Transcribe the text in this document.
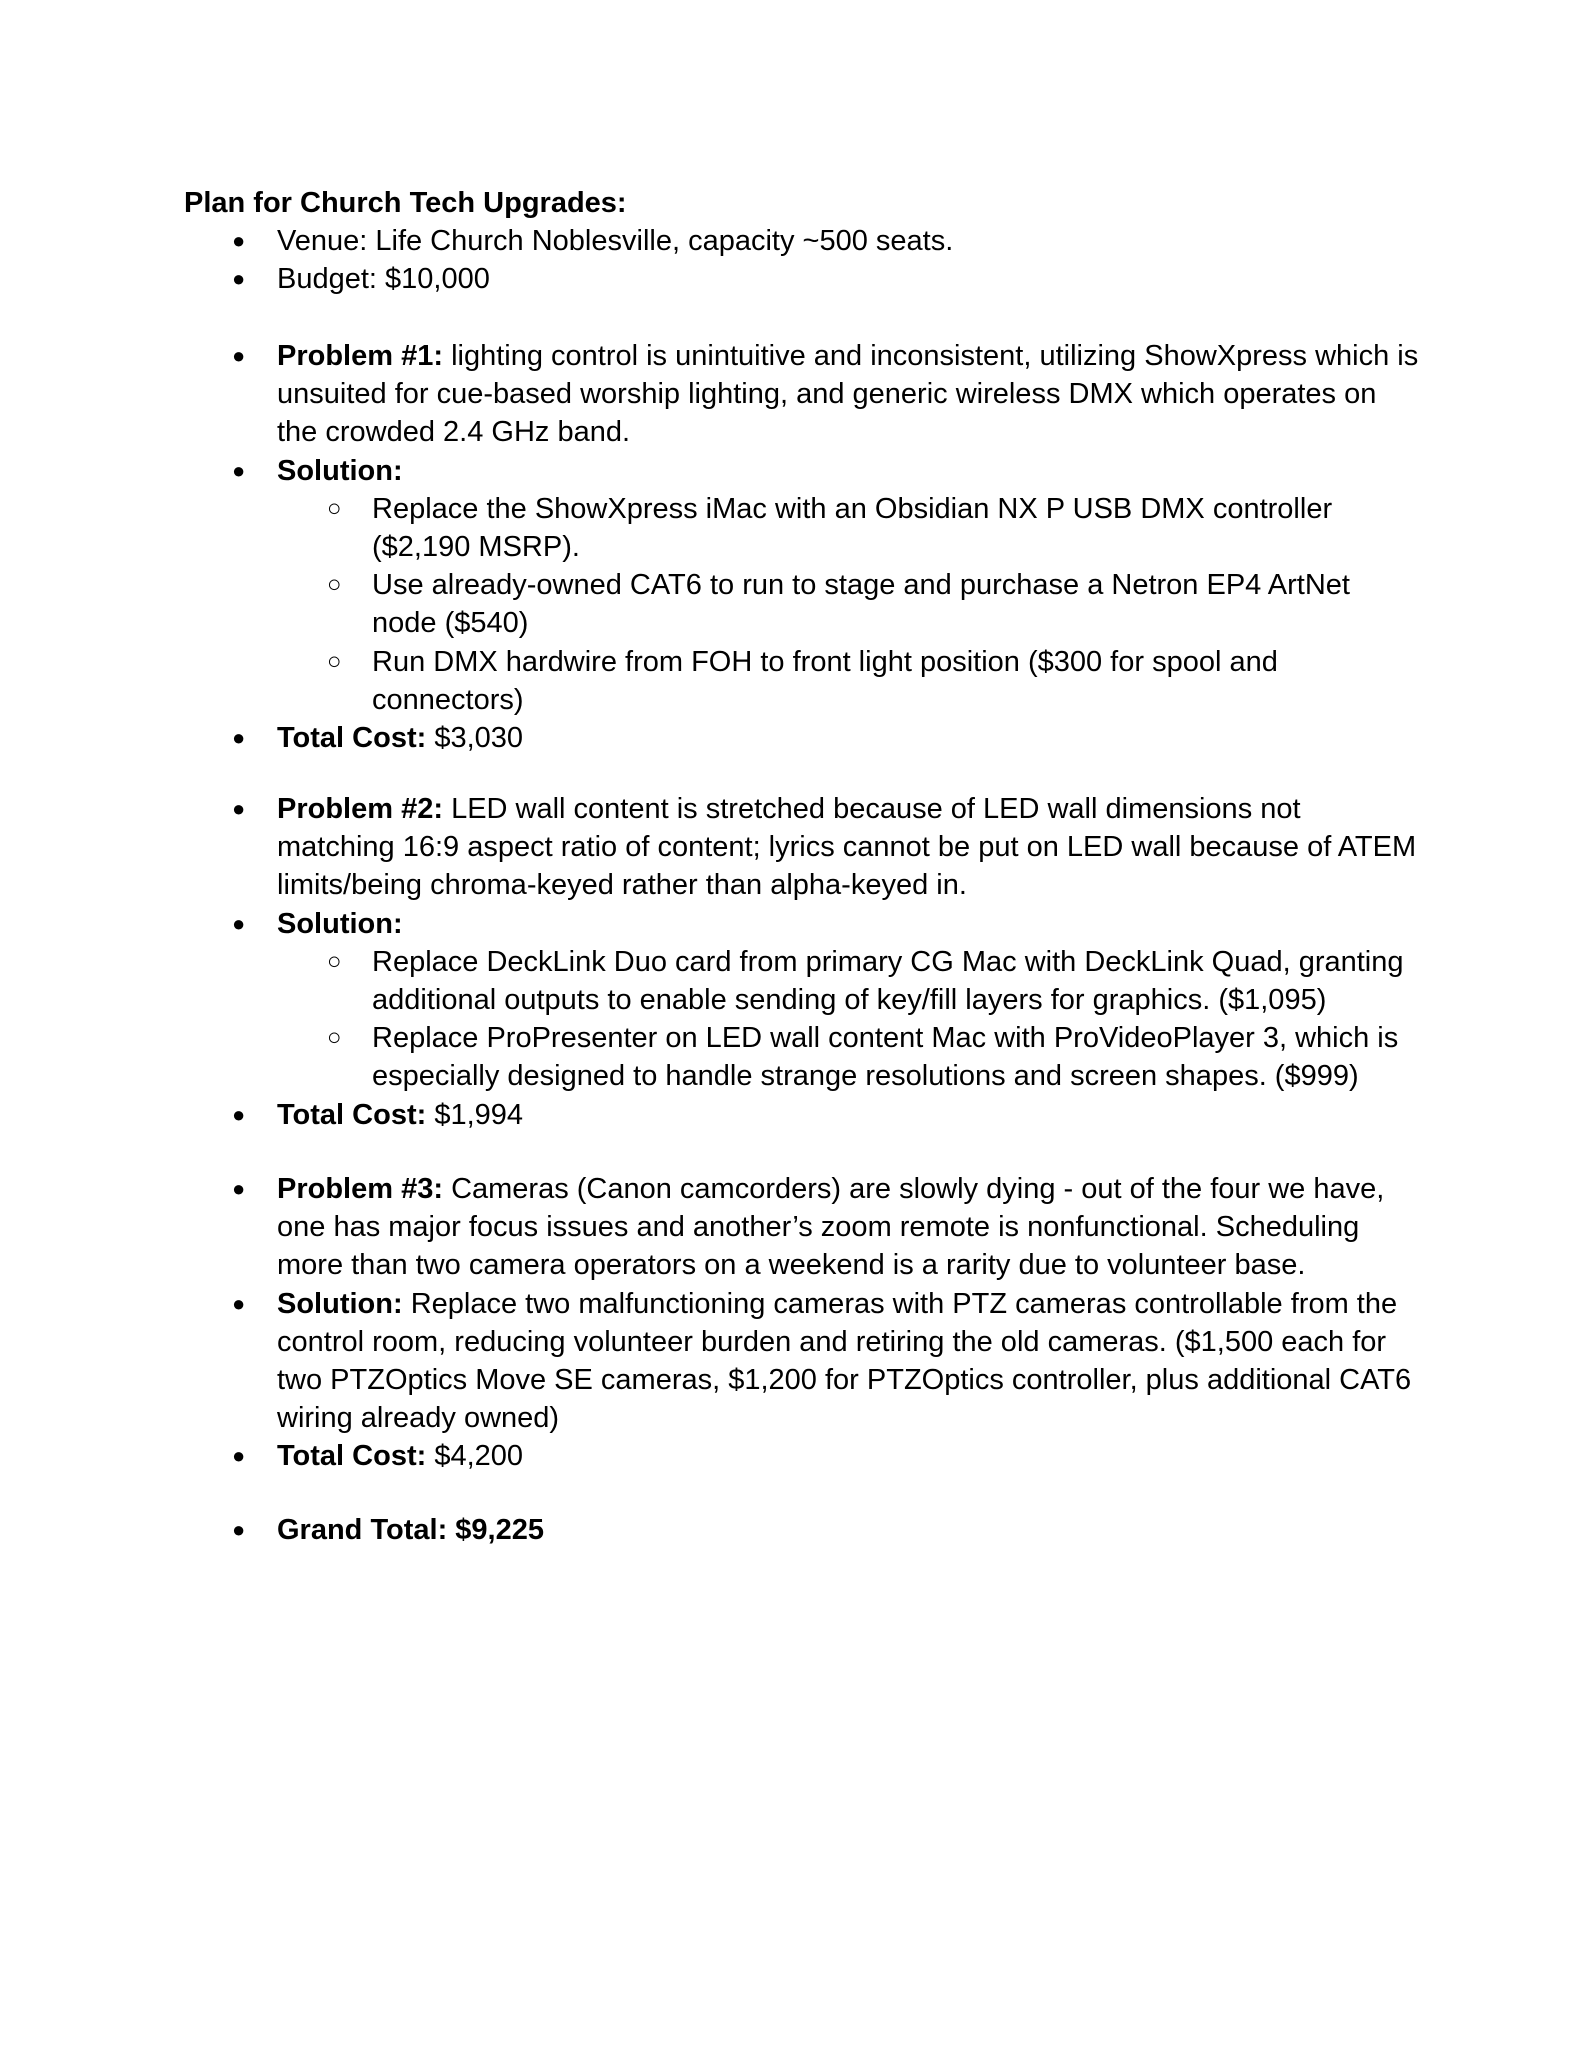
Plan for Church Tech Upgrades:
● Venue: Life Church Noblesville, capacity ~500 seats.
● Budget: $10,000
● Problem #1: lighting control is unintuitive and inconsistent, utilizing ShowXpress which is unsuited for cue-based worship lighting, and generic wireless DMX which operates on the crowded 2.4 GHz band.
● Solution:
○ Replace the ShowXpress iMac with an Obsidian NX P USB DMX controller ($2,190 MSRP).
○ Use already-owned CAT6 to run to stage and purchase a Netron EP4 ArtNet node ($540)
○ Run DMX hardwire from FOH to front light position ($300 for spool and connectors)
● Total Cost: $3,030
● Problem #2: LED wall content is stretched because of LED wall dimensions not matching 16:9 aspect ratio of content; lyrics cannot be put on LED wall because of ATEM limits/being chroma-keyed rather than alpha-keyed in.
● Solution:
○ Replace DeckLink Duo card from primary CG Mac with DeckLink Quad, granting additional outputs to enable sending of key/fill layers for graphics. ($1,095)
○ Replace ProPresenter on LED wall content Mac with ProVideoPlayer 3, which is especially designed to handle strange resolutions and screen shapes. ($999)
● Total Cost: $1,994
● Problem #3: Cameras (Canon camcorders) are slowly dying - out of the four we have, one has major focus issues and another’s zoom remote is nonfunctional. Scheduling more than two camera operators on a weekend is a rarity due to volunteer base.
● Solution: Replace two malfunctioning cameras with PTZ cameras controllable from the control room, reducing volunteer burden and retiring the old cameras. ($1,500 each for two PTZOptics Move SE cameras, $1,200 for PTZOptics controller, plus additional CAT6 wiring already owned)
● Total Cost: $4,200
● Grand Total: $9,225
